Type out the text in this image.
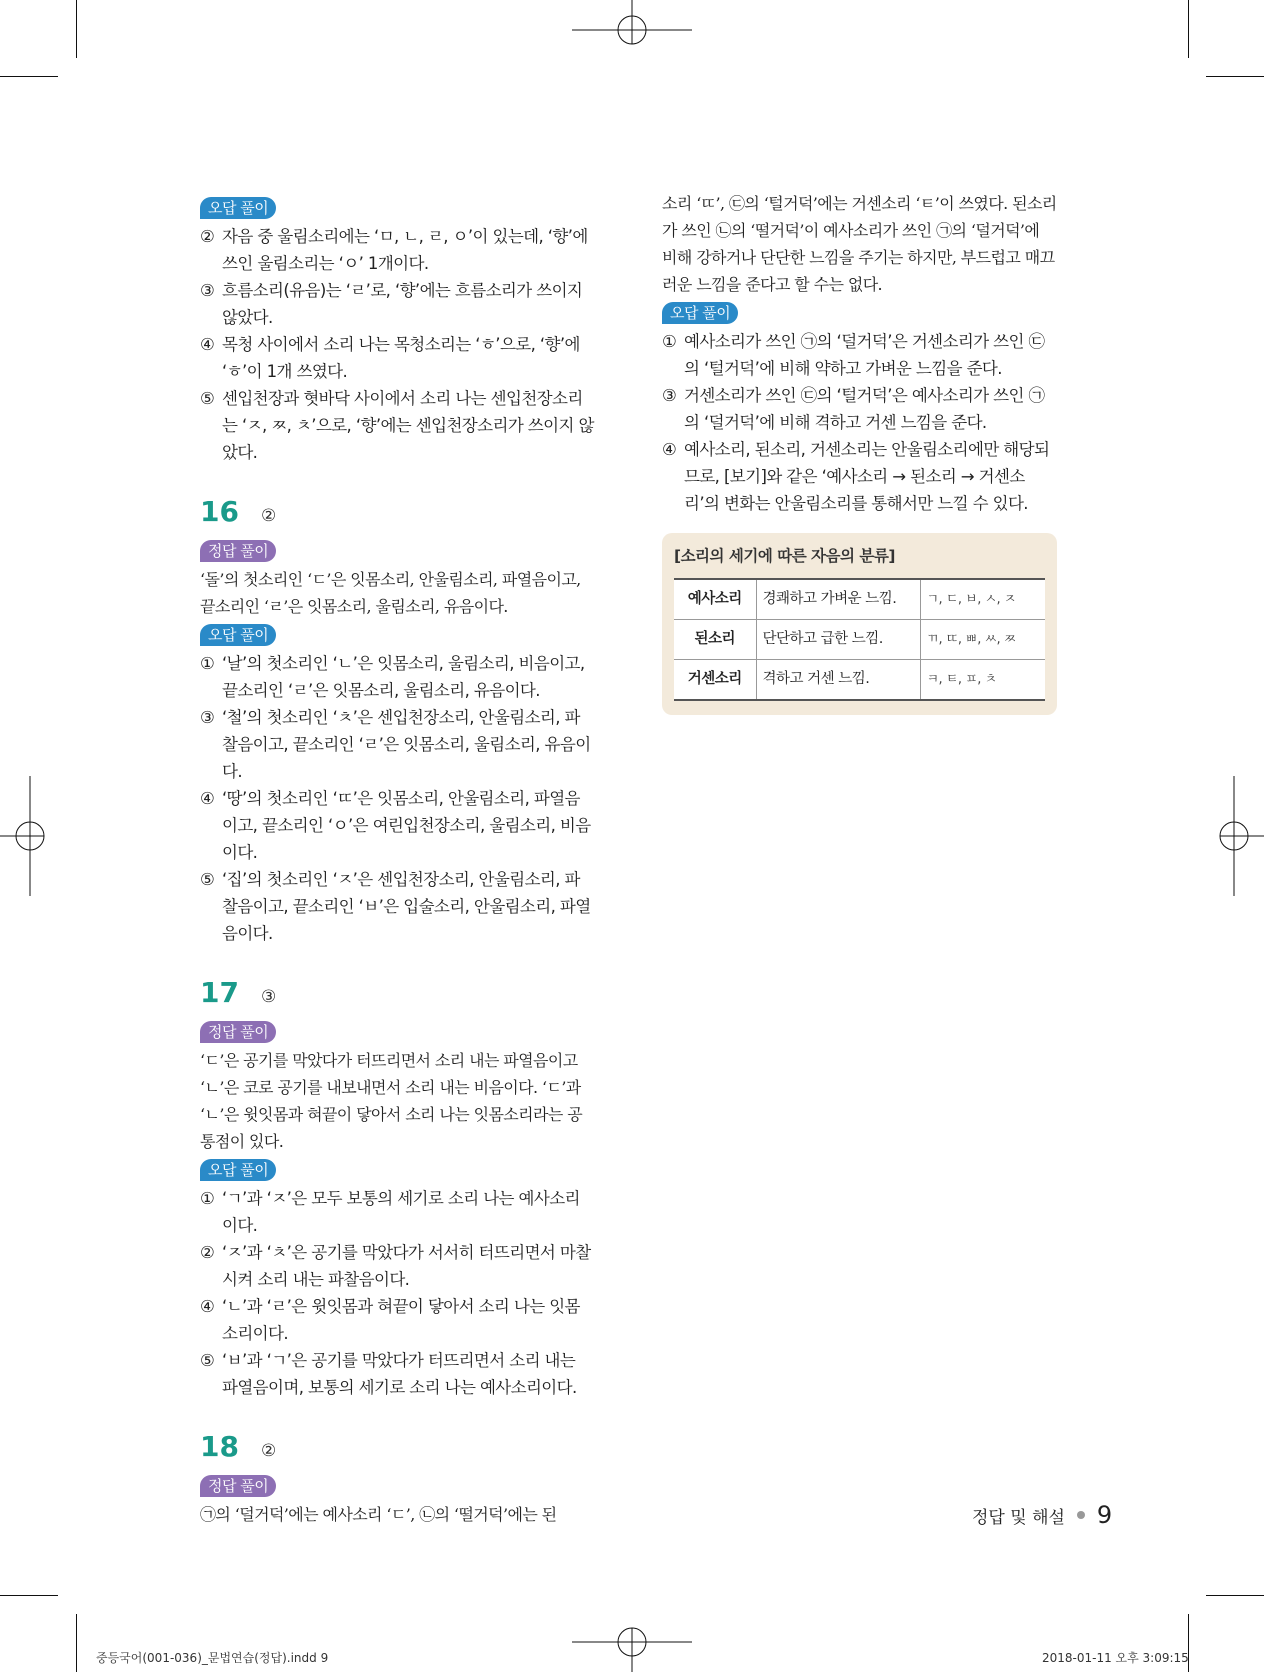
오답 풀이
② 자음 중 울림소리에는 ‘ㅁ, ㄴ, ㄹ, ㅇ’이 있는데, ‘향’에 쓰인 울림소리는 ‘ㅇ’ 1개이다.
③ 흐름소리(유음)는 ‘ㄹ’로, ‘향’에는 흐름소리가 쓰이지 않았다.
④ 목청 사이에서 소리 나는 목청소리는 ‘ㅎ’으로, ‘향’에 ‘ㅎ’이 1개 쓰였다.
⑤ 센입천장과 혓바닥 사이에서 소리 나는 센입천장소리는 ‘ㅈ, ㅉ, ㅊ’으로, ‘향’에는 센입천장소리가 쓰이지 않았다.
16 ②
정답 풀이
‘돌’의 첫소리인 ‘ㄷ’은 잇몸소리, 안울림소리, 파열음이고, 끝소리인 ‘ㄹ’은 잇몸소리, 울림소리, 유음이다.
오답 풀이
① ‘날’의 첫소리인 ‘ㄴ’은 잇몸소리, 울림소리, 비음이고, 끝소리인 ‘ㄹ’은 잇몸소리, 울림소리, 유음이다.
③ ‘철’의 첫소리인 ‘ㅊ’은 센입천장소리, 안울림소리, 파찰음이고, 끝소리인 ‘ㄹ’은 잇몸소리, 울림소리, 유음이다.
④ ‘땅’의 첫소리인 ‘ㄸ’은 잇몸소리, 안울림소리, 파열음이고, 끝소리인 ‘ㅇ’은 여린입천장소리, 울림소리, 비음이다.
⑤ ‘집’의 첫소리인 ‘ㅈ’은 센입천장소리, 안울림소리, 파찰음이고, 끝소리인 ‘ㅂ’은 입술소리, 안울림소리, 파열음이다.
17 ③
정답 풀이
‘ㄷ’은 공기를 막았다가 터뜨리면서 소리 내는 파열음이고 ‘ㄴ’은 코로 공기를 내보내면서 소리 내는 비음이다. ‘ㄷ’과 ‘ㄴ’은 윗잇몸과 혀끝이 닿아서 소리 나는 잇몸소리라는 공통점이 있다.
오답 풀이
① ‘ㄱ’과 ‘ㅈ’은 모두 보통의 세기로 소리 나는 예사소리이다.
② ‘ㅈ’과 ‘ㅊ’은 공기를 막았다가 서서히 터뜨리면서 마찰시켜 소리 내는 파찰음이다.
④ ‘ㄴ’과 ‘ㄹ’은 윗잇몸과 혀끝이 닿아서 소리 나는 잇몸소리이다.
⑤ ‘ㅂ’과 ‘ㄱ’은 공기를 막았다가 터뜨리면서 소리 내는 파열음이며, 보통의 세기로 소리 나는 예사소리이다.
18 ②
정답 풀이
㉠의 ‘덜거덕’에는 예사소리 ‘ㄷ’, ㉡의 ‘떨거덕’에는 된
소리 ‘ㄸ’, ㉢의 ‘털거덕’에는 거센소리 ‘ㅌ’이 쓰였다. 된소리가 쓰인 ㉡의 ‘떨거덕’이 예사소리가 쓰인 ㉠의 ‘덜거덕’에 비해 강하거나 단단한 느낌을 주기는 하지만, 부드럽고 매끄러운 느낌을 준다고 할 수는 없다.
오답 풀이
① 예사소리가 쓰인 ㉠의 ‘덜거덕’은 거센소리가 쓰인 ㉢의 ‘털거덕’에 비해 약하고 가벼운 느낌을 준다.
③ 거센소리가 쓰인 ㉢의 ‘털거덕’은 예사소리가 쓰인 ㉠의 ‘덜거덕’에 비해 격하고 거센 느낌을 준다.
④ 예사소리, 된소리, 거센소리는 안울림소리에만 해당되므로, [보기]와 같은 ‘예사소리 → 된소리 → 거센소리’의 변화는 안울림소리를 통해서만 느낄 수 있다.
[소리의 세기에 따른 자음의 분류]
예사소리	경쾌하고 가벼운 느낌.	ㄱ, ㄷ, ㅂ, ㅅ, ㅈ
된소리	단단하고 급한 느낌.	ㄲ, ㄸ, ㅃ, ㅆ, ㅉ
거센소리	격하고 거센 느낌.	ㅋ, ㅌ, ㅍ, ㅊ
정답 및 해설 9
중등국어(001-036)_문법연습(정답).indd 9	2018-01-11 오후 3:09:15
